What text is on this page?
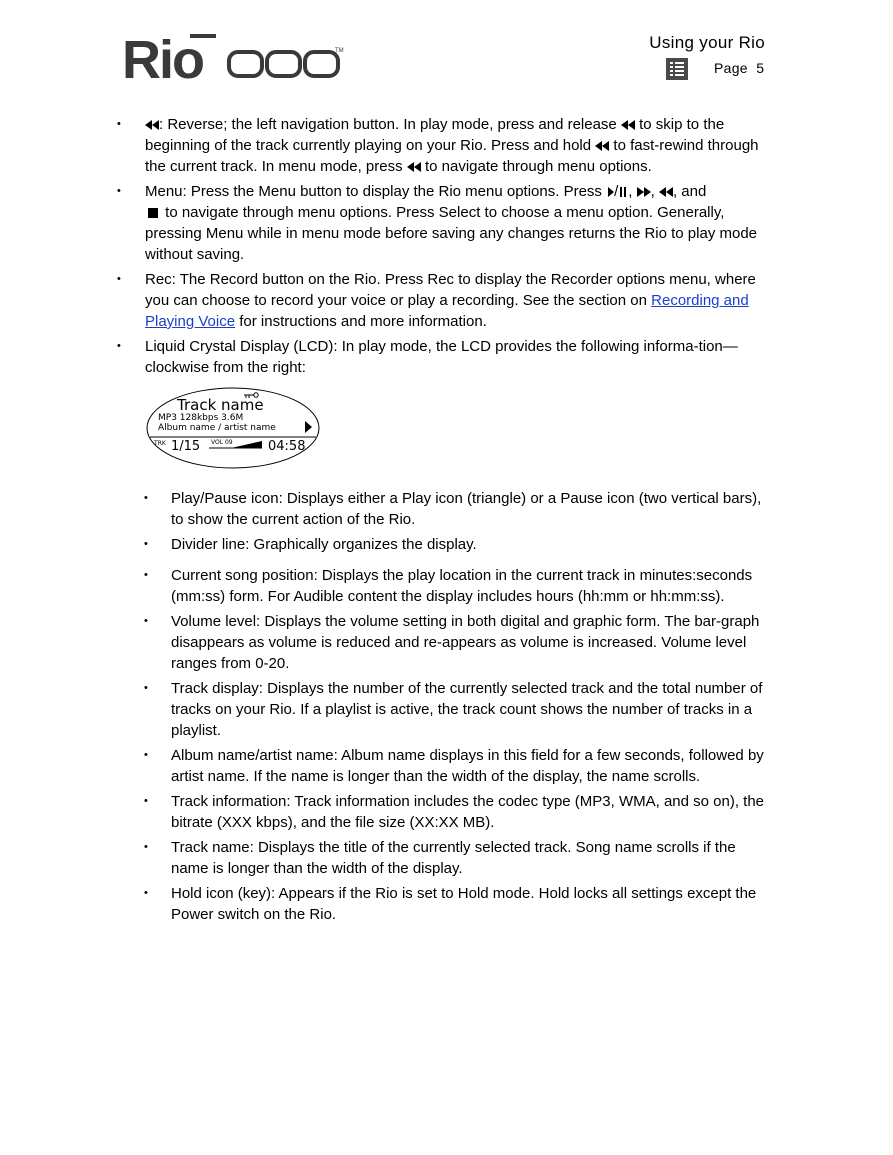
Rio	TM	Using your Rio
Page 5
• : Reverse; the left navigation button. In play mode, press and release  to skip to the beginning of the track currently playing on your Rio. Press and hold  to fast-rewind through the current track. In menu mode, press  to navigate through menu options.
• Menu: Press the Menu button to display the Rio menu options. Press / , , , and
to navigate through menu options. Press Select to choose a menu option. Generally, pressing Menu while in menu mode before saving any changes returns the Rio to play mode without saving.
• Rec: The Record button on the Rio. Press Rec to display the Recorder options menu, where you can choose to record your voice or play a recording. See the section on Recording and Playing Voice for instructions and more information.
• Liquid Crystal Display (LCD): In play mode, the LCD provides the following informa-tion—clockwise from the right:
Track name
MP3 128kbps 3.6M
Album name / artist name
TRK 1/15 VOL 09	04:58
• Play/Pause icon: Displays either a Play icon (triangle) or a Pause icon (two vertical bars), to show the current action of the Rio.
• Divider line: Graphically organizes the display.
• Current song position: Displays the play location in the current track in minutes:seconds (mm:ss) form. For Audible content the display includes hours (hh:mm or hh:mm:ss).
• Volume level: Displays the volume setting in both digital and graphic form. The bar-graph disappears as volume is reduced and re-appears as volume is increased. Volume level ranges from 0-20.
• Track display: Displays the number of the currently selected track and the total number of tracks on your Rio. If a playlist is active, the track count shows the number of tracks in a playlist.
• Album name/artist name: Album name displays in this field for a few seconds, followed by artist name. If the name is longer than the width of the display, the name scrolls.
• Track information: Track information includes the codec type (MP3, WMA, and so on), the bitrate (XXX kbps), and the file size (XX:XX MB).
• Track name: Displays the title of the currently selected track. Song name scrolls if the name is longer than the width of the display.
• Hold icon (key): Appears if the Rio is set to Hold mode. Hold locks all settings except the Power switch on the Rio.
